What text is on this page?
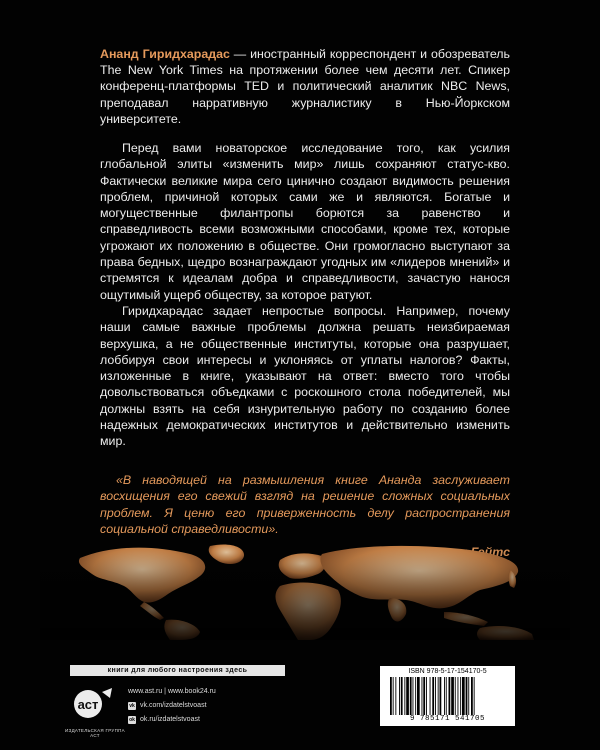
Ананд Гиридхарадас — иностранный корреспондент и обозреватель The New York Times на протяжении более чем десяти лет. Спикер конференц-платформы TED и политический аналитик NBC News, преподавал нарративную журналистику в Нью-Йоркском университете.

Перед вами новаторское исследование того, как усилия глобальной элиты «изменить мир» лишь сохраняют статус-кво. Фактически великие мира сего цинично создают видимость решения проблем, причиной которых сами же и являются. Богатые и могущественные филантропы борются за равенство и справедливость всеми возможными способами, кроме тех, которые угрожают их положению в обществе. Они громогласно выступают за права бедных, щедро вознаграждают угодных им «лидеров мнений» и стремятся к идеалам добра и справедливости, зачастую нанося ощутимый ущерб обществу, за которое ратуют.

Гиридхарадас задает непростые вопросы. Например, почему наши самые важные проблемы должна решать неизбираемая верхушка, а не общественные институты, которые она разрушает, лоббируя свои интересы и уклоняясь от уплаты налогов? Факты, изложенные в книге, указывают на ответ: вместо того чтобы довольствоваться объедками с роскошного стола победителей, мы должны взять на себя изнурительную работу по созданию более надежных демократических институтов и действительно изменить мир.

«В наводящей на размышления книге Ананда заслуживает восхищения его свежий взгляд на решение сложных социальных проблем. Я ценю его приверженность делу распространения социальной справедливости».

книги для любого настроения здесь
аст
ИЗДАТЕЛЬСКАЯ ГРУППА АСТ
www.ast.ru | www.book24.ru
vk vk.com/izdatelstvoast
ok ok.ru/izdatelstvoast
ISBN 978-5-17-154170-5
9 785171 541705
